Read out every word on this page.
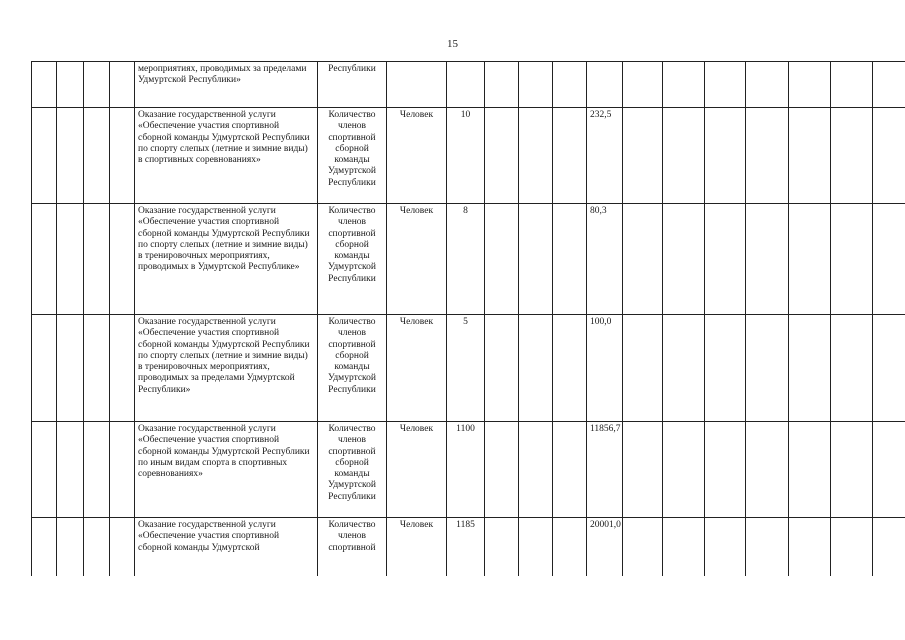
15
				мероприятиях, проводимых за пределами Удмуртской Республики»	Республики													
				Оказание государственной услуги «Обеспечение участия спортивной сборной команды Удмуртской Республики по спорту слепых (летние и зимние виды) в спортивных соревнованиях»	Количество членов спортивной сборной команды Удмуртской Республики	Человек	10				232,5							
				Оказание государственной услуги «Обеспечение участия спортивной сборной команды Удмуртской Республики по спорту слепых (летние и зимние виды) в тренировочных мероприятиях, проводимых в Удмуртской Республике»	Количество членов спортивной сборной команды Удмуртской Республики	Человек	8				80,3							
				Оказание государственной услуги «Обеспечение участия спортивной сборной команды Удмуртской Республики по спорту слепых (летние и зимние виды) в тренировочных мероприятиях, проводимых за пределами Удмуртской Республики»	Количество членов спортивной сборной команды Удмуртской Республики	Человек	5				100,0							
				Оказание государственной услуги «Обеспечение участия спортивной сборной команды Удмуртской Республики по иным видам спорта в спортивных соревнованиях»	Количество членов спортивной сборной команды Удмуртской Республики	Человек	1100				11856,7							
				Оказание государственной услуги «Обеспечение участия спортивной сборной команды Удмуртской	Количество членов спортивной	Человек	1185				20001,0							
